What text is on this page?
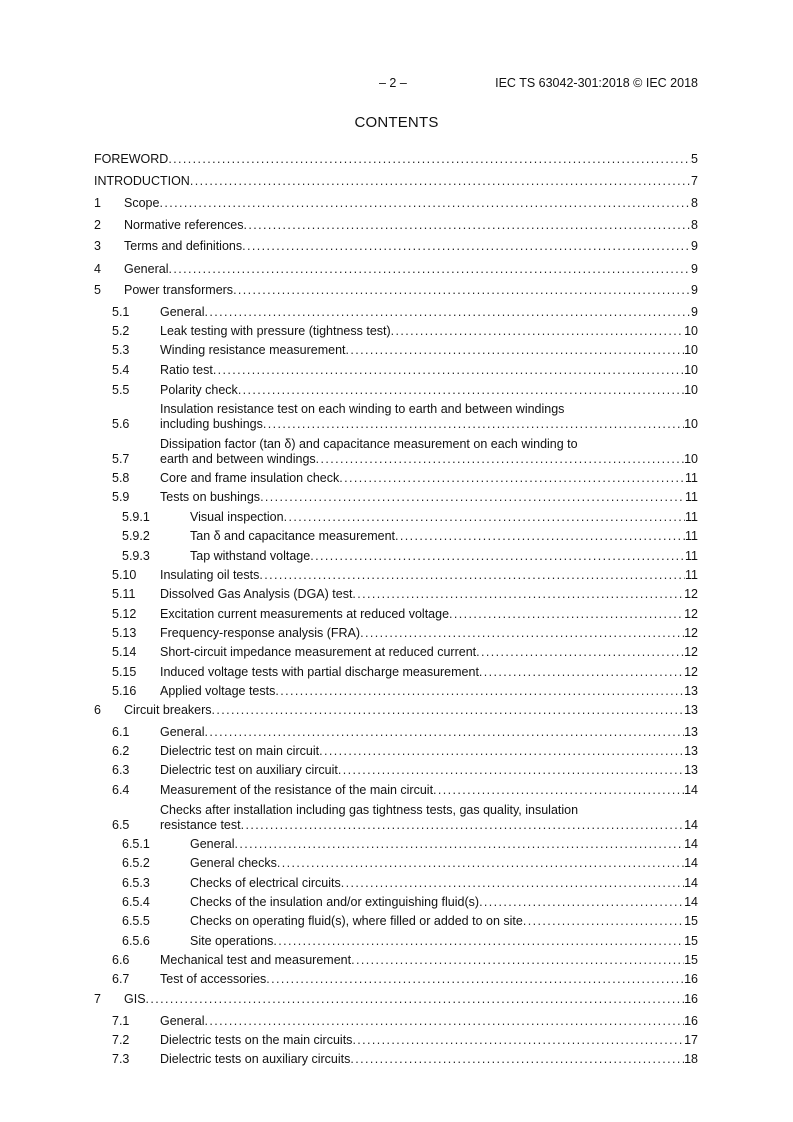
– 2 –	IEC TS 63042-301:2018 © IEC 2018
CONTENTS
FOREWORD .....	5
INTRODUCTION .....	7
1 Scope .....	8
2 Normative references .....	8
3 Terms and definitions .....	9
4 General .....	9
5 Power transformers .....	9
5.1 General .....	9
5.2 Leak testing with pressure (tightness test) .....	10
5.3 Winding resistance measurement .....	10
5.4 Ratio test .....	10
5.5 Polarity check .....	10
5.6
Insulation resistance test on each winding to earth and between windings
including bushings .....	10
5.7
Dissipation factor (tan δ) and capacitance measurement on each winding to
earth and between windings .....	10
5.8 Core and frame insulation check .....	11
5.9 Tests on bushings .....	11
5.9.1	Visual inspection .....	11
5.9.2	Tan δ and capacitance measurement .....	11
5.9.3	Tap withstand voltage .....	11
5.10 Insulating oil tests .....	11
5.11 Dissolved Gas Analysis (DGA) test .....	12
5.12 Excitation current measurements at reduced voltage .....	12
5.13 Frequency-response analysis (FRA) .....	12
5.14 Short-circuit impedance measurement at reduced current .....	12
5.15 Induced voltage tests with partial discharge measurement .....	12
5.16 Applied voltage tests .....	13
6 Circuit breakers .....	13
6.1 General .....	13
6.2 Dielectric test on main circuit .....	13
6.3 Dielectric test on auxiliary circuit .....	13
6.4 Measurement of the resistance of the main circuit .....	14
6.5
Checks after installation including gas tightness tests, gas quality, insulation
resistance test .....	14
6.5.1	General .....	14
6.5.2	General checks .....	14
6.5.3	Checks of electrical circuits .....	14
6.5.4	Checks of the insulation and/or extinguishing fluid(s) .....	14
6.5.5	Checks on operating fluid(s), where filled or added to on site .....	15
6.5.6	Site operations .....	15
6.6 Mechanical test and measurement .....	15
6.7 Test of accessories .....	16
7 GIS .....	16
7.1 General .....	16
7.2 Dielectric tests on the main circuits .....	17
7.3 Dielectric tests on auxiliary circuits .....	18
